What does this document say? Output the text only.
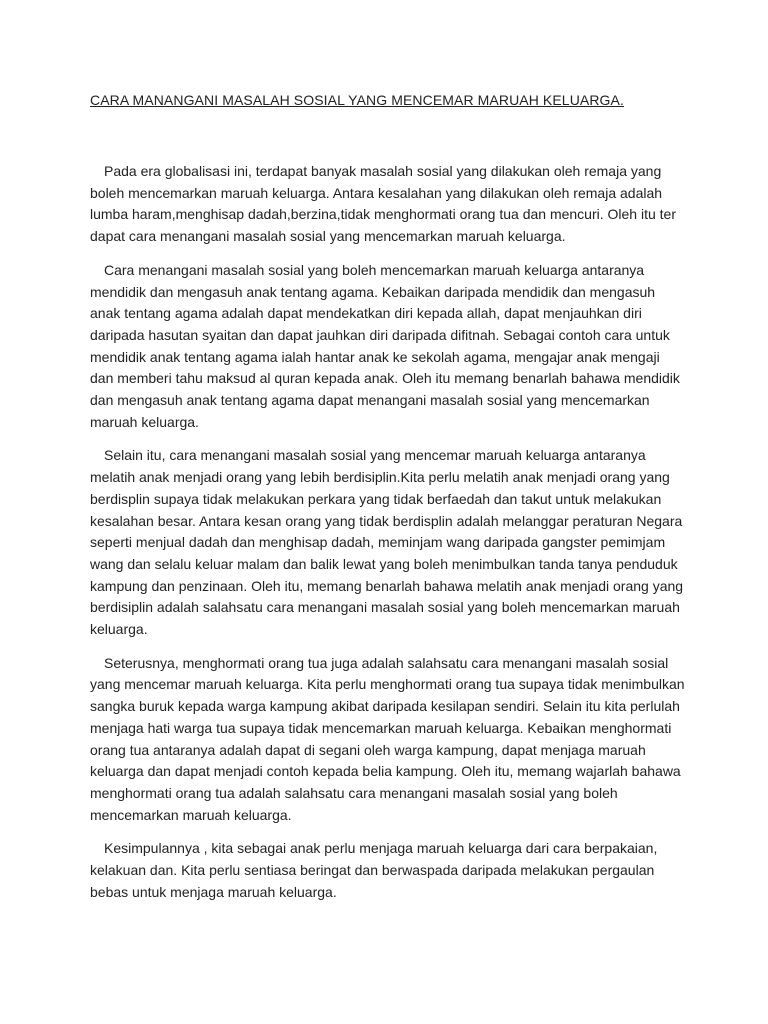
CARA MANANGANI MASALAH SOSIAL YANG MENCEMAR MARUAH KELUARGA.

Pada era globalisasi ini, terdapat banyak masalah sosial yang dilakukan oleh remaja yang boleh mencemarkan maruah keluarga. Antara kesalahan yang dilakukan oleh remaja adalah lumba haram,menghisap dadah,berzina,tidak menghormati orang tua dan mencuri. Oleh itu ter dapat cara menangani masalah sosial yang mencemarkan maruah keluarga.

Cara menangani masalah sosial yang boleh mencemarkan maruah keluarga antaranya mendidik dan mengasuh anak tentang agama. Kebaikan daripada mendidik dan mengasuh anak tentang agama adalah dapat mendekatkan diri kepada allah, dapat menjauhkan diri daripada hasutan syaitan dan dapat jauhkan diri daripada difitnah. Sebagai contoh cara untuk mendidik anak tentang agama ialah hantar anak ke sekolah agama, mengajar anak mengaji dan memberi tahu maksud al quran kepada anak. Oleh itu memang benarlah bahawa mendidik dan mengasuh anak tentang agama dapat menangani masalah sosial yang mencemarkan maruah keluarga.

Selain itu, cara menangani masalah sosial yang mencemar maruah keluarga antaranya melatih anak menjadi orang yang lebih berdisiplin.Kita perlu melatih anak menjadi orang yang berdisplin supaya tidak melakukan perkara yang tidak berfaedah dan takut untuk melakukan kesalahan besar. Antara kesan orang yang tidak berdisplin adalah melanggar peraturan Negara seperti menjual dadah dan menghisap dadah, meminjam wang daripada gangster pemimjam wang dan selalu keluar malam dan balik lewat yang boleh menimbulkan tanda tanya penduduk kampung dan penzinaan. Oleh itu, memang benarlah bahawa melatih anak menjadi orang yang berdisiplin adalah salahsatu cara menangani masalah sosial yang boleh mencemarkan maruah keluarga.

Seterusnya, menghormati orang tua juga adalah salahsatu cara menangani masalah sosial yang mencemar maruah keluarga. Kita perlu menghormati orang tua supaya tidak menimbulkan sangka buruk kepada warga kampung akibat daripada kesilapan sendiri. Selain itu kita perlulah menjaga hati warga tua supaya tidak mencemarkan maruah keluarga. Kebaikan menghormati orang tua antaranya adalah dapat di segani oleh warga kampung, dapat menjaga maruah keluarga dan dapat menjadi contoh kepada belia kampung. Oleh itu, memang wajarlah bahawa menghormati orang tua adalah salahsatu cara menangani masalah sosial yang boleh mencemarkan maruah keluarga.

Kesimpulannya , kita sebagai anak perlu menjaga maruah keluarga dari cara berpakaian, kelakuan dan. Kita perlu sentiasa beringat dan berwaspada daripada melakukan pergaulan bebas untuk menjaga maruah keluarga.
